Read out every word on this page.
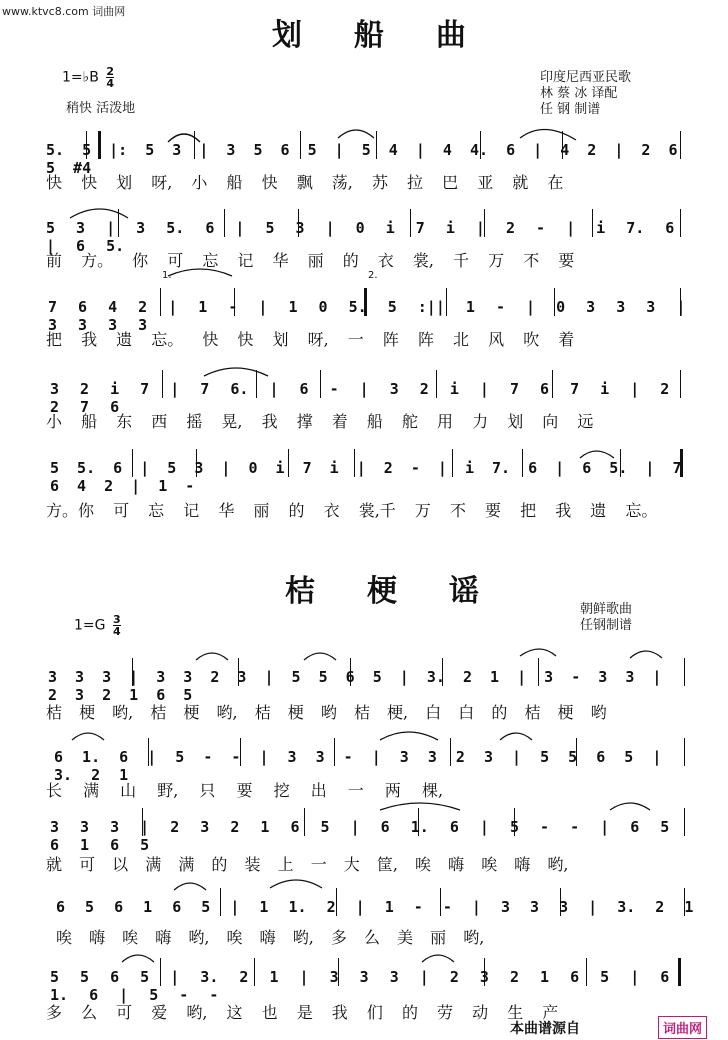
www.ktvc8.com 词曲网
划船曲
1=♭B $\frac{2}{4}$
稍快 活泼地
印度尼西亚民歌
林 蔡 冰 译配
任 钢 制谱
5. 5 |: 5 3 | 3 5 6 5 | 5 4 | 4 4. 6 | 4 2 | 2 6 5 #4
快 快 划 呀, 小 船 快 飘 荡, 苏 拉 巴 亚 就 在
5 3 | 3 5. 6 | 5 3 | 0 i 7 i | 2 - | i 7. 6 | 6 5.
前 方。 你 可 忘 记 华 丽 的 衣 裳, 千 万 不 要
1.	2.
7 6 4 2 | 1 - | 1 0 5. 5 :|| 1 - | 0 3 3 3 | 3 3 3 3
把 我 遗 忘。 快 快 划 呀, 一 阵 阵 北 风 吹 着
3 2 i 7 | 7 6. | 6 - | 3 2 i | 7 6 7 i | 2 2 7 6
小 船 东 西 摇 晃, 我 撑 着 船 舵 用 力 划 向 远
5 5. 6 | 5 3 | 0 i 7 i | 2 - | i 7. 6 | 6 5. | 7 6 4 2 | 1 -
方。你 可 忘 记 华 丽 的 衣 裳,千 万 不 要 把 我 遗 忘。
桔梗谣
$1=G \frac{3}{4}$
朝鲜歌曲
任钢制谱
3 3 3 | 3 3 2 3 | 5 5 6 5 | 3. 2 1 | 3 - 3 3 | 2 3 2 1 6 5
桔 梗 哟, 桔 梗 哟, 桔 梗 哟 桔 梗, 白 白 的 桔 梗 哟
6 1. 6 | 5 - - | 3 3 - | 3 3 2 3 | 5 5 6 5 | 3. 2 1
长 满 山 野, 只 要 挖 出 一 两 棵,
3 3 3 | 2 3 2 1 6 5 | 6 1. 6 | 5 - - | 6 5 6 1 6 5
就 可 以 满 满 的 装 上 一 大 筐, 唉 嗨 唉 嗨 哟,
6 5 6 1 6 5 | 1 1. 2 | 1 - - | 3 3 3 | 3. 2 1
唉 嗨 唉 嗨 哟, 唉 嗨 哟, 多 么 美 丽 哟,
5 5 6 5 | 3. 2 1 | 3 3 3 | 2 3 2 1 6 5 | 6 1. 6 | 5 - -
多 么 可 爱 哟, 这 也 是 我 们 的 劳 动 生 产
本曲谱源自	词曲网
